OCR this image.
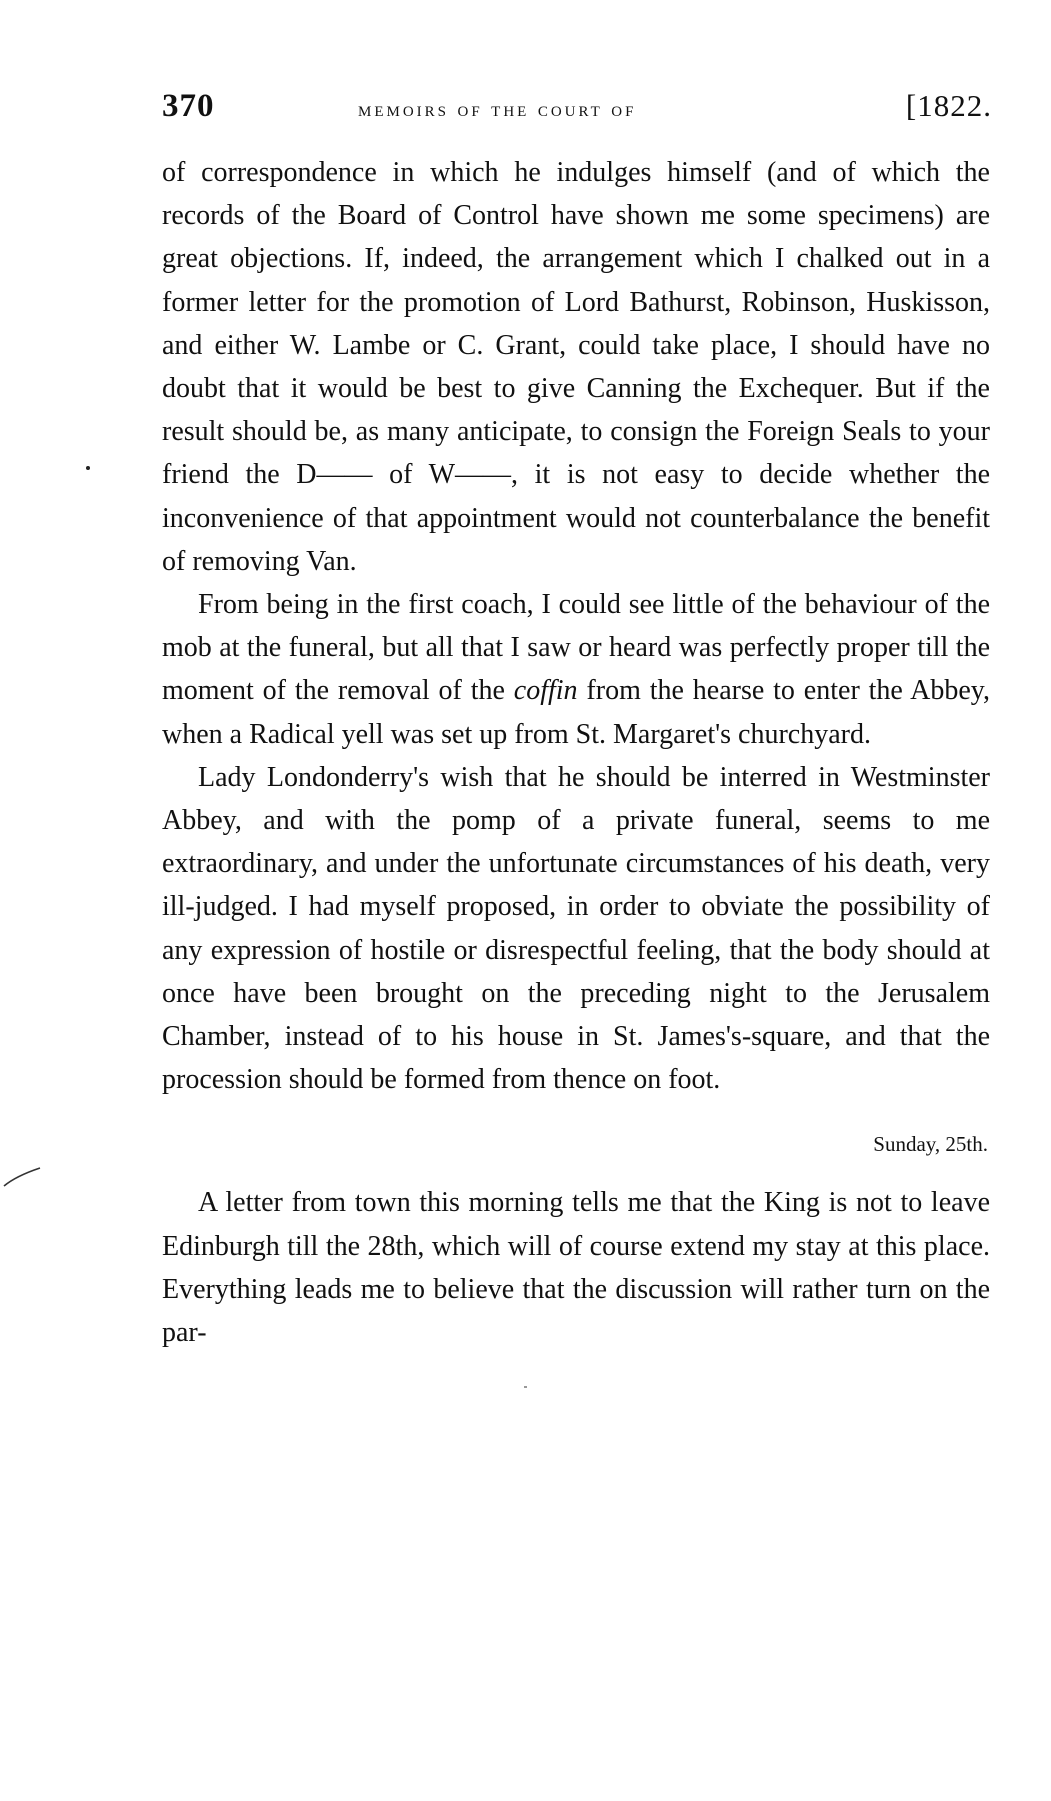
370	memoirs of the court of	[1822.

of correspondence in which he indulges himself (and of which the records of the Board of Control have shown me some specimens) are great objections. If, indeed, the arrangement which I chalked out in a former letter for the promotion of Lord Bathurst, Robinson, Huskisson, and either W. Lambe or C. Grant, could take place, I should have no doubt that it would be best to give Canning the Exchequer. But if the result should be, as many anticipate, to consign the Foreign Seals to your friend the D—— of W——, it is not easy to decide whether the inconvenience of that appointment would not counterbalance the benefit of removing Van.

From being in the first coach, I could see little of the behaviour of the mob at the funeral, but all that I saw or heard was perfectly proper till the moment of the removal of the coffin from the hearse to enter the Abbey, when a Radical yell was set up from St. Margaret's churchyard.

Lady Londonderry's wish that he should be interred in Westminster Abbey, and with the pomp of a private funeral, seems to me extraordinary, and under the unfortunate circumstances of his death, very ill-judged. I had myself proposed, in order to obviate the possibility of any expression of hostile or disrespectful feeling, that the body should at once have been brought on the preceding night to the Jerusalem Chamber, instead of to his house in St. James's-square, and that the procession should be formed from thence on foot.

Sunday, 25th.

A letter from town this morning tells me that the King is not to leave Edinburgh till the 28th, which will of course extend my stay at this place. Everything leads me to believe that the discussion will rather turn on the par-
